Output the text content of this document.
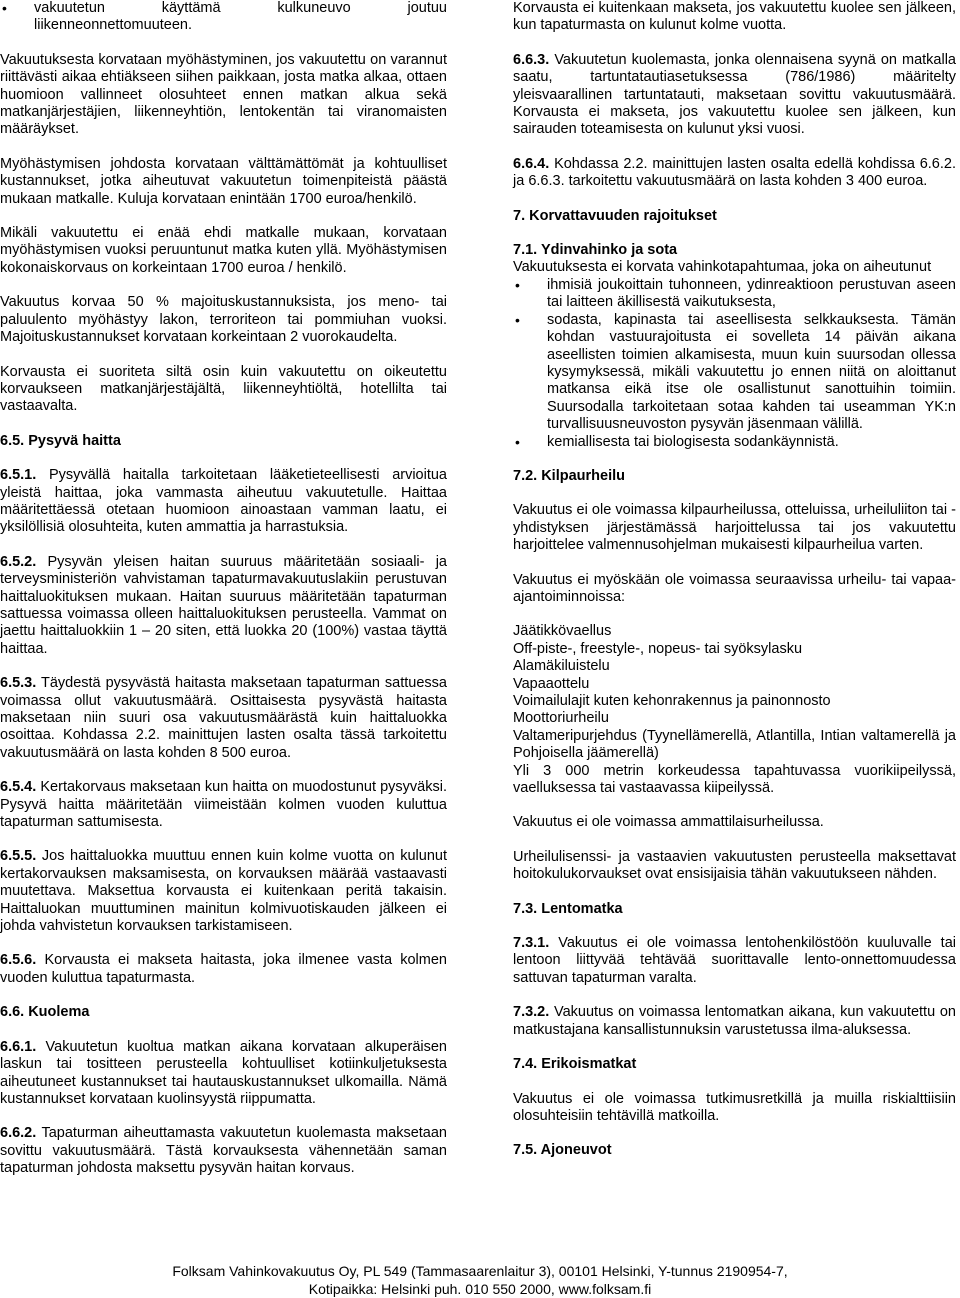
• vakuutetun käyttämä kulkuneuvo joutuu liikenneonnettomuuteen.

Vakuutuksesta korvataan myöhästyminen, jos vakuutettu on varannut riittävästi aikaa ehtiäkseen siihen paikkaan, josta matka alkaa, ottaen huomioon vallinneet olosuhteet ennen matkan alkua sekä matkanjärjestäjien, liikenneyhtiön, lentokentän tai viranomaisten määräykset.

Myöhästymisen johdosta korvataan välttämättömät ja kohtuulliset kustannukset, jotka aiheutuvat vakuutetun toimenpiteistä päästä mukaan matkalle. Kuluja korvataan enintään 1700 euroa/henkilö.

Mikäli vakuutettu ei enää ehdi matkalle mukaan, korvataan myöhästymisen vuoksi peruuntunut matka kuten yllä. Myöhästymisen kokonaiskorvaus on korkeintaan 1700 euroa / henkilö.

Vakuutus korvaa 50 % majoituskustannuksista, jos meno- tai paluulento myöhästyy lakon, terroriteon tai pommiuhan vuoksi. Majoituskustannukset korvataan korkeintaan 2 vuorokaudelta.

Korvausta ei suoriteta siltä osin kuin vakuutettu on oikeutettu korvaukseen matkanjärjestäjältä, liikenneyhtiöltä, hotellilta tai vastaavalta.

6.5. Pysyvä haitta

6.5.1. Pysyvällä haitalla tarkoitetaan lääketieteellisesti arvioitua yleistä haittaa, joka vammasta aiheutuu vakuutetulle. Haittaa määritettäessä otetaan huomioon ainoastaan vamman laatu, ei yksilöllisiä olosuhteita, kuten ammattia ja harrastuksia.

6.5.2. Pysyvän yleisen haitan suuruus määritetään sosiaali- ja terveysministeriön vahvistaman tapaturmavakuutuslakiin perustuvan haittaluokituksen mukaan. Haitan suuruus määritetään tapaturman sattuessa voimassa olleen haittaluokituksen perusteella. Vammat on jaettu haittaluokkiin 1 – 20 siten, että luokka 20 (100%) vastaa täyttä haittaa.

6.5.3. Täydestä pysyvästä haitasta maksetaan tapaturman sattuessa voimassa ollut vakuutusmäärä. Osittaisesta pysyvästä haitasta maksetaan niin suuri osa vakuutusmäärästä kuin haittaluokka osoittaa. Kohdassa 2.2. mainittujen lasten osalta tässä tarkoitettu vakuutusmäärä on lasta kohden 8 500 euroa.

6.5.4. Kertakorvaus maksetaan kun haitta on muodostunut pysyväksi. Pysyvä haitta määritetään viimeistään kolmen vuoden kuluttua tapaturman sattumisesta.

6.5.5. Jos haittaluokka muuttuu ennen kuin kolme vuotta on kulunut kertakorvauksen maksamisesta, on korvauksen määrää vastaavasti muutettava. Maksettua korvausta ei kuitenkaan peritä takaisin. Haittaluokan muuttuminen mainitun kolmivuotiskauden jälkeen ei johda vahvistetun korvauksen tarkistamiseen.

6.5.6. Korvausta ei makseta haitasta, joka ilmenee vasta kolmen vuoden kuluttua tapaturmasta.

6.6. Kuolema

6.6.1. Vakuutetun kuoltua matkan aikana korvataan alkuperäisen laskun tai tositteen perusteella kohtuulliset kotiinkuljetuksesta aiheutuneet kustannukset tai hautauskustannukset ulkomailla. Nämä kustannukset korvataan kuolinsyystä riippumatta.

6.6.2. Tapaturman aiheuttamasta vakuutetun kuolemasta maksetaan sovittu vakuutusmäärä. Tästä korvauksesta vähennetään saman tapaturman johdosta maksettu pysyvän haitan korvaus.

Korvausta ei kuitenkaan makseta, jos vakuutettu kuolee sen jälkeen, kun tapaturmasta on kulunut kolme vuotta.

6.6.3. Vakuutetun kuolemasta, jonka olennaisena syynä on matkalla saatu, tartuntatautiasetuksessa (786/1986) määritelty yleisvaarallinen tartuntatauti, maksetaan sovittu vakuutusmäärä. Korvausta ei makseta, jos vakuutettu kuolee sen jälkeen, kun sairauden toteamisesta on kulunut yksi vuosi.

6.6.4. Kohdassa 2.2. mainittujen lasten osalta edellä kohdissa 6.6.2. ja 6.6.3. tarkoitettu vakuutusmäärä on lasta kohden 3 400 euroa.

7. Korvattavuuden rajoitukset

7.1. Ydinvahinko ja sota

Vakuutuksesta ei korvata vahinkotapahtumaa, joka on aiheutunut

• ihmisiä joukoittain tuhonneen, ydinreaktioon perustuvan aseen tai laitteen äkillisestä vaikutuksesta,
• sodasta, kapinasta tai aseellisesta selkkauksesta. Tämän kohdan vastuurajoitusta ei sovelleta 14 päivän aikana aseellisten toimien alkamisesta, muun kuin suursodan ollessa kysymyksessä, mikäli vakuutettu jo ennen niitä on aloittanut matkansa eikä itse ole osallistunut sanottuihin toimiin. Suursodalla tarkoitetaan sotaa kahden tai useamman YK:n turvallisuusneuvoston pysyvän jäsenmaan välillä.
• kemiallisesta tai biologisesta sodankäynnistä.

7.2. Kilpaurheilu

Vakuutus ei ole voimassa kilpaurheilussa, otteluissa, urheiluliiton tai -yhdistyksen järjestämässä harjoittelussa tai jos vakuutettu harjoittelee valmennusohjelman mukaisesti kilpaurheilua varten.

Vakuutus ei myöskään ole voimassa seuraavissa urheilu- tai vapaa-ajantoiminnoissa:

Jäätikkövaellus

Off-piste-, freestyle-, nopeus- tai syöksylasku

Alamäkiluistelu

Vapaaottelu

Voimailulajit kuten kehonrakennus ja painonnosto

Moottoriurheilu

Valtameripurjehdus (Tyynellämerellä, Atlantilla, Intian valtamerellä ja Pohjoisella jäämerellä)

Yli 3 000 metrin korkeudessa tapahtuvassa vuorikiipeilyssä, vaelluksessa tai vastaavassa kiipeilyssä.

Vakuutus ei ole voimassa ammattilaisurheilussa.

Urheilulisenssi- ja vastaavien vakuutusten perusteella maksettavat hoitokulukorvaukset ovat ensisijaisia tähän vakuutukseen nähden.

7.3. Lentomatka

7.3.1. Vakuutus ei ole voimassa lentohenkilöstöön kuuluvalle tai lentoon liittyvää tehtävää suorittavalle lento-onnettomuudessa sattuvan tapaturman varalta.

7.3.2. Vakuutus on voimassa lentomatkan aikana, kun vakuutettu on matkustajana kansallistunnuksin varustetussa ilma-aluksessa.

7.4. Erikoismatkat

Vakuutus ei ole voimassa tutkimusretkillä ja muilla riskialttiisiin olosuhteisiin tehtävillä matkoilla.

7.5. Ajoneuvot

Folksam Vahinkovakuutus Oy, PL 549 (Tammasaarenlaitur 3), 00101 Helsinki, Y-tunnus 2190954-7,
Kotipaikka: Helsinki puh. 010 550 2000, www.folksam.fi
